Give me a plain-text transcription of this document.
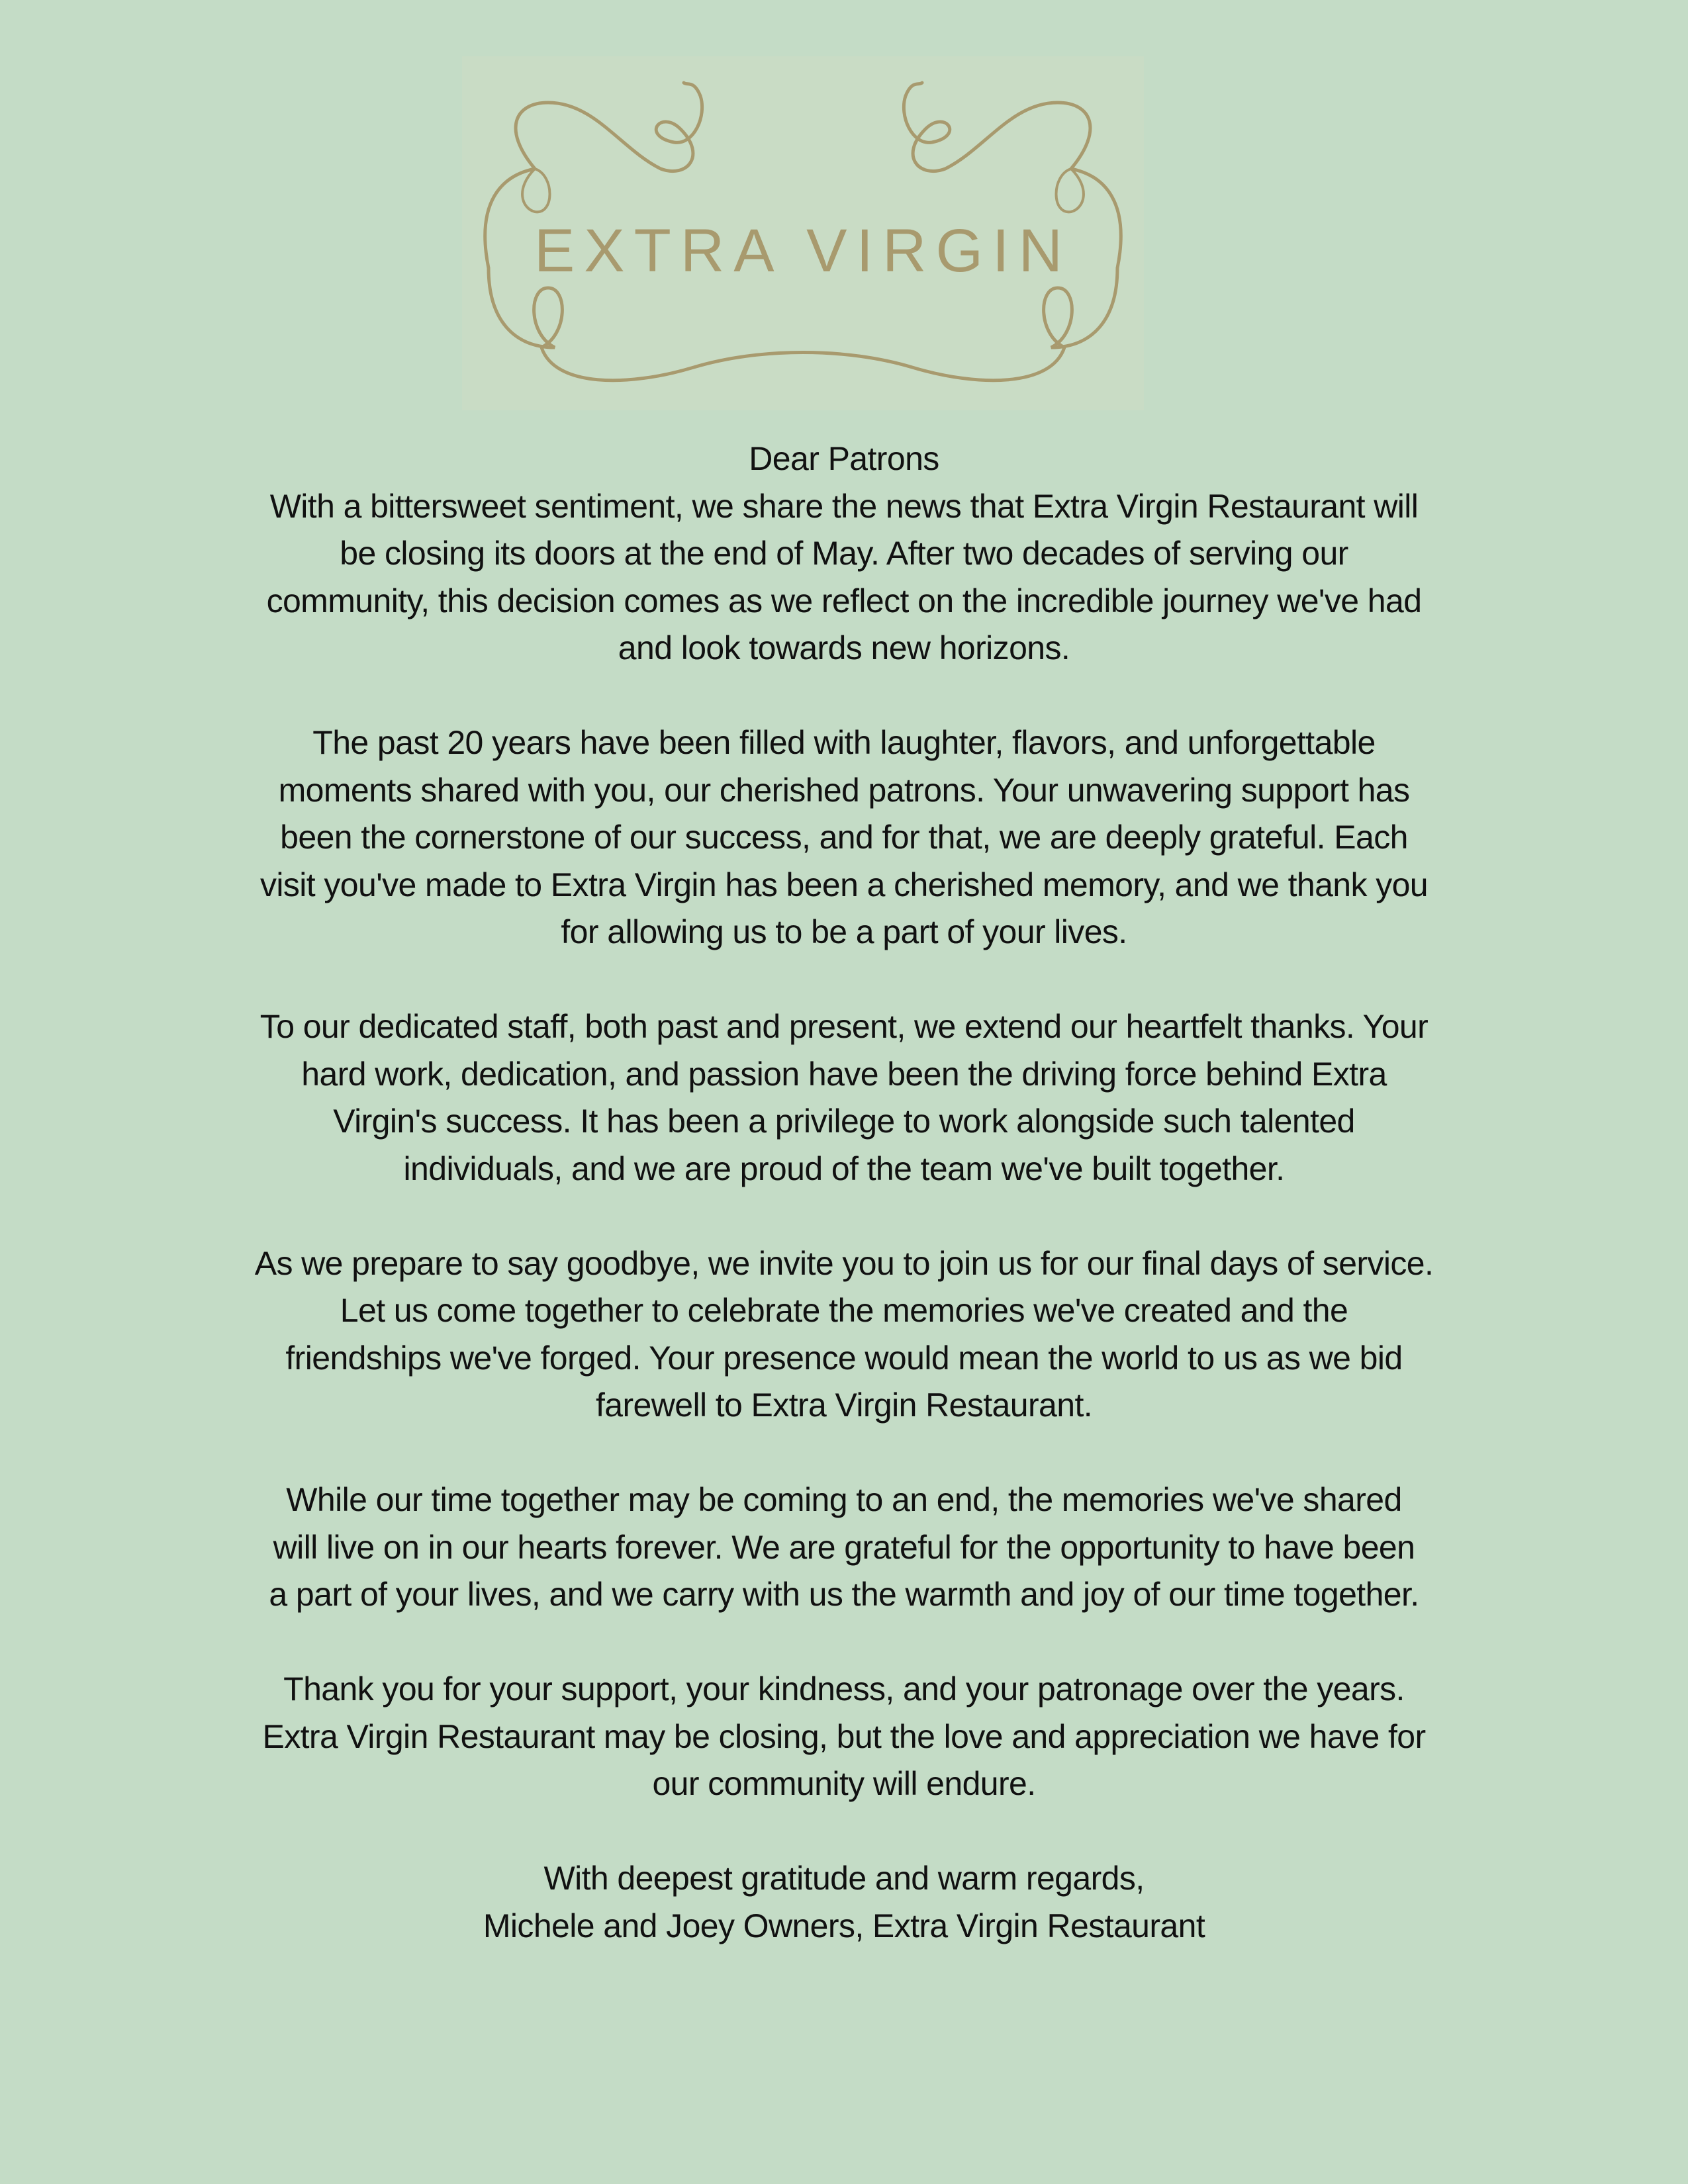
EXTRA VIRGIN
Dear Patrons
With a bittersweet sentiment, we share the news that Extra Virgin Restaurant will
be closing its doors at the end of May. After two decades of serving our
community, this decision comes as we reflect on the incredible journey we've had
and look towards new horizons.
The past 20 years have been filled with laughter, flavors, and unforgettable
moments shared with you, our cherished patrons. Your unwavering support has
been the cornerstone of our success, and for that, we are deeply grateful. Each
visit you've made to Extra Virgin has been a cherished memory, and we thank you
for allowing us to be a part of your lives.
To our dedicated staff, both past and present, we extend our heartfelt thanks. Your
hard work, dedication, and passion have been the driving force behind Extra
Virgin's success. It has been a privilege to work alongside such talented
individuals, and we are proud of the team we've built together.
As we prepare to say goodbye, we invite you to join us for our final days of service.
Let us come together to celebrate the memories we've created and the
friendships we've forged. Your presence would mean the world to us as we bid
farewell to Extra Virgin Restaurant.
While our time together may be coming to an end, the memories we've shared
will live on in our hearts forever. We are grateful for the opportunity to have been
a part of your lives, and we carry with us the warmth and joy of our time together.
Thank you for your support, your kindness, and your patronage over the years.
Extra Virgin Restaurant may be closing, but the love and appreciation we have for
our community will endure.
With deepest gratitude and warm regards,
Michele and Joey Owners, Extra Virgin Restaurant
